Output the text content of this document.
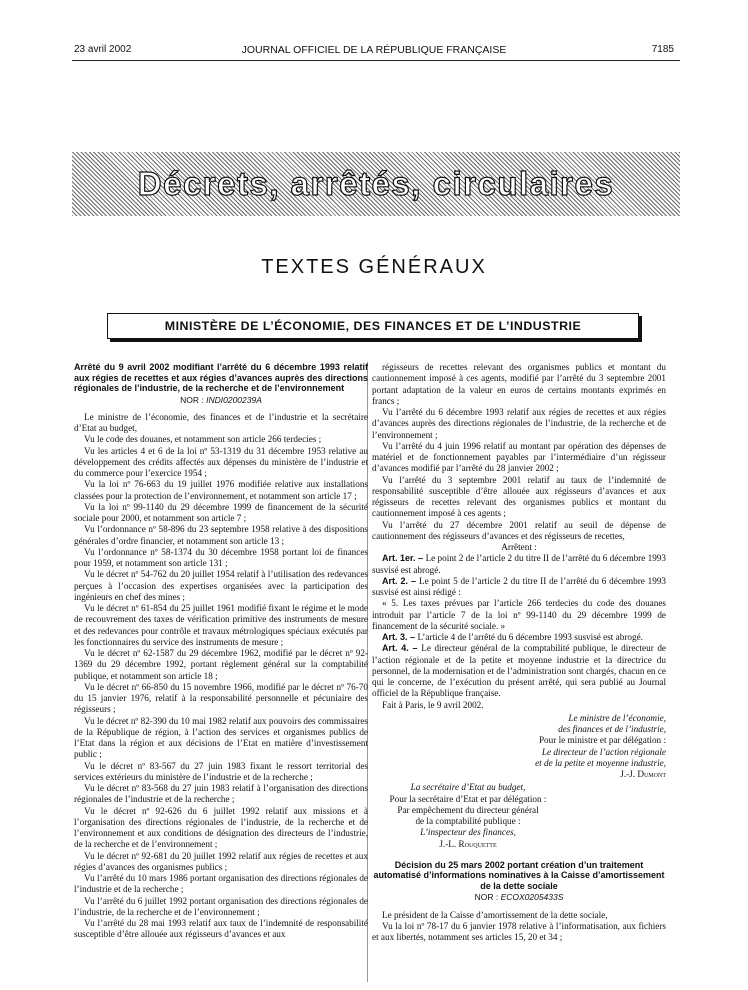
23 avril 2002	JOURNAL OFFICIEL DE LA RÉPUBLIQUE FRANÇAISE	7185
Décrets, arrêtés, circulaires
TEXTES GÉNÉRAUX
MINISTÈRE DE L’ÉCONOMIE, DES FINANCES ET DE L’INDUSTRIE

Arrêté du 9 avril 2002 modifiant l’arrêté du 6 décembre 1993 relatif aux régies de recettes et aux régies d’avances auprès des directions régionales de l’industrie, de la recherche et de l’environnement

NOR : INDI0200239A

Le ministre de l’économie, des finances et de l’industrie et la secrétaire d’Etat au budget,

Vu le code des douanes, et notamment son article 266 terdecies ;

Vu les articles 4 et 6 de la loi nº 53-1319 du 31 décembre 1953 relative au développement des crédits affectés aux dépenses du ministère de l’industrie et du commerce pour l’exercice 1954 ;

Vu la loi nº 76-663 du 19 juillet 1976 modifiée relative aux installations classées pour la protection de l’environnement, et notamment son article 17 ;

Vu la loi nº 99-1140 du 29 décembre 1999 de financement de la sécurité sociale pour 2000, et notamment son article 7 ;

Vu l’ordonnance nº 58-896 du 23 septembre 1958 relative à des dispositions générales d’ordre financier, et notamment son article 13 ;

Vu l’ordonnance nº 58-1374 du 30 décembre 1958 portant loi de finances pour 1959, et notamment son article 131 ;

Vu le décret nº 54-762 du 20 juillet 1954 relatif à l’utilisation des redevances perçues à l’occasion des expertises organisées avec la participation des ingénieurs en chef des mines ;

Vu le décret nº 61-854 du 25 juillet 1961 modifié fixant le régime et le mode de recouvrement des taxes de vérification primitive des instruments de mesure et des redevances pour contrôle et travaux métrologiques spéciaux exécutés par les fonctionnaires du service des instruments de mesure ;

Vu le décret nº 62-1587 du 29 décembre 1962, modifié par le décret nº 92-1369 du 29 décembre 1992, portant règlement général sur la comptabilité publique, et notamment son article 18 ;

Vu le décret nº 66-850 du 15 novembre 1966, modifié par le décret nº 76-70 du 15 janvier 1976, relatif à la responsabilité personnelle et pécuniaire des régisseurs ;

Vu le décret nº 82-390 du 10 mai 1982 relatif aux pouvoirs des commissaires de la République de région, à l’action des services et organismes publics de l’Etat dans la région et aux décisions de l’Etat en matière d’investissement public ;

Vu le décret nº 83-567 du 27 juin 1983 fixant le ressort territorial des services extérieurs du ministère de l’industrie et de la recherche ;

Vu le décret nº 83-568 du 27 juin 1983 relatif à l’organisation des directions régionales de l’industrie et de la recherche ;

Vu le décret nº 92-626 du 6 juillet 1992 relatif aux missions et à l’organisation des directions régionales de l’industrie, de la recherche et de l’environnement et aux conditions de désignation des directeurs de l’industrie, de la recherche et de l’environnement ;

Vu le décret nº 92-681 du 20 juillet 1992 relatif aux régies de recettes et aux régies d’avances des organismes publics ;

Vu l’arrêté du 10 mars 1986 portant organisation des directions régionales de l’industrie et de la recherche ;

Vu l’arrêté du 6 juillet 1992 portant organisation des directions régionales de l’industrie, de la recherche et de l’environnement ;

Vu l’arrêté du 28 mai 1993 relatif aux taux de l’indemnité de responsabilité susceptible d’être allouée aux régisseurs d’avances et aux

régisseurs de recettes relevant des organismes publics et montant du cautionnement imposé à ces agents, modifié par l’arrêté du 3 septembre 2001 portant adaptation de la valeur en euros de certains montants exprimés en francs ;

Vu l’arrêté du 6 décembre 1993 relatif aux régies de recettes et aux régies d’avances auprès des directions régionales de l’industrie, de la recherche et de l’environnement ;

Vu l’arrêté du 4 juin 1996 relatif au montant par opération des dépenses de matériel et de fonctionnement payables par l’intermédiaire d’un régisseur d’avances modifié par l’arrêté du 28 janvier 2002 ;

Vu l’arrêté du 3 septembre 2001 relatif au taux de l’indemnité de responsabilité susceptible d’être allouée aux régisseurs d’avances et aux régisseurs de recettes relevant des organismes publics et montant du cautionnement imposé à ces agents ;

Vu l’arrêté du 27 décembre 2001 relatif au seuil de dépense de cautionnement des régisseurs d’avances et des régisseurs de recettes,

Arrêtent :

Art. 1er. – Le point 2 de l’article 2 du titre II de l’arrêté du 6 décembre 1993 susvisé est abrogé.

Art. 2. – Le point 5 de l’article 2 du titre II de l’arrêté du 6 décembre 1993 susvisé est ainsi rédigé :

« 5. Les taxes prévues par l’article 266 terdecies du code des douanes introduit par l’article 7 de la loi nº 99-1140 du 29 décembre 1999 de financement de la sécurité sociale. »

Art. 3. – L’article 4 de l’arrêté du 6 décembre 1993 susvisé est abrogé.

Art. 4. – Le directeur général de la comptabilité publique, le directeur de l’action régionale et de la petite et moyenne industrie et la directrice du personnel, de la modernisation et de l’administration sont chargés, chacun en ce qui le concerne, de l’exécution du présent arrêté, qui sera publié au Journal officiel de la République française.

Fait à Paris, le 9 avril 2002.

Le ministre de l’économie,

des finances et de l’industrie,

Pour le ministre et par délégation :

Le directeur de l’action régionale

et de la petite et moyenne industrie,

J.-J. Dumont

La secrétaire d’Etat au budget,

Pour la secrétaire d’Etat et par délégation :

Par empêchement du directeur général

de la comptabilité publique :

L’inspecteur des finances,

J.-L. Rouquette

Décision du 25 mars 2002 portant création d’un traitement automatisé d’informations nominatives à la Caisse d’amortissement de la dette sociale

NOR : ECOX0205433S

Le président de la Caisse d’amortissement de la dette sociale,

Vu la loi nº 78-17 du 6 janvier 1978 relative à l’informatisation, aux fichiers et aux libertés, notamment ses articles 15, 20 et 34 ;
